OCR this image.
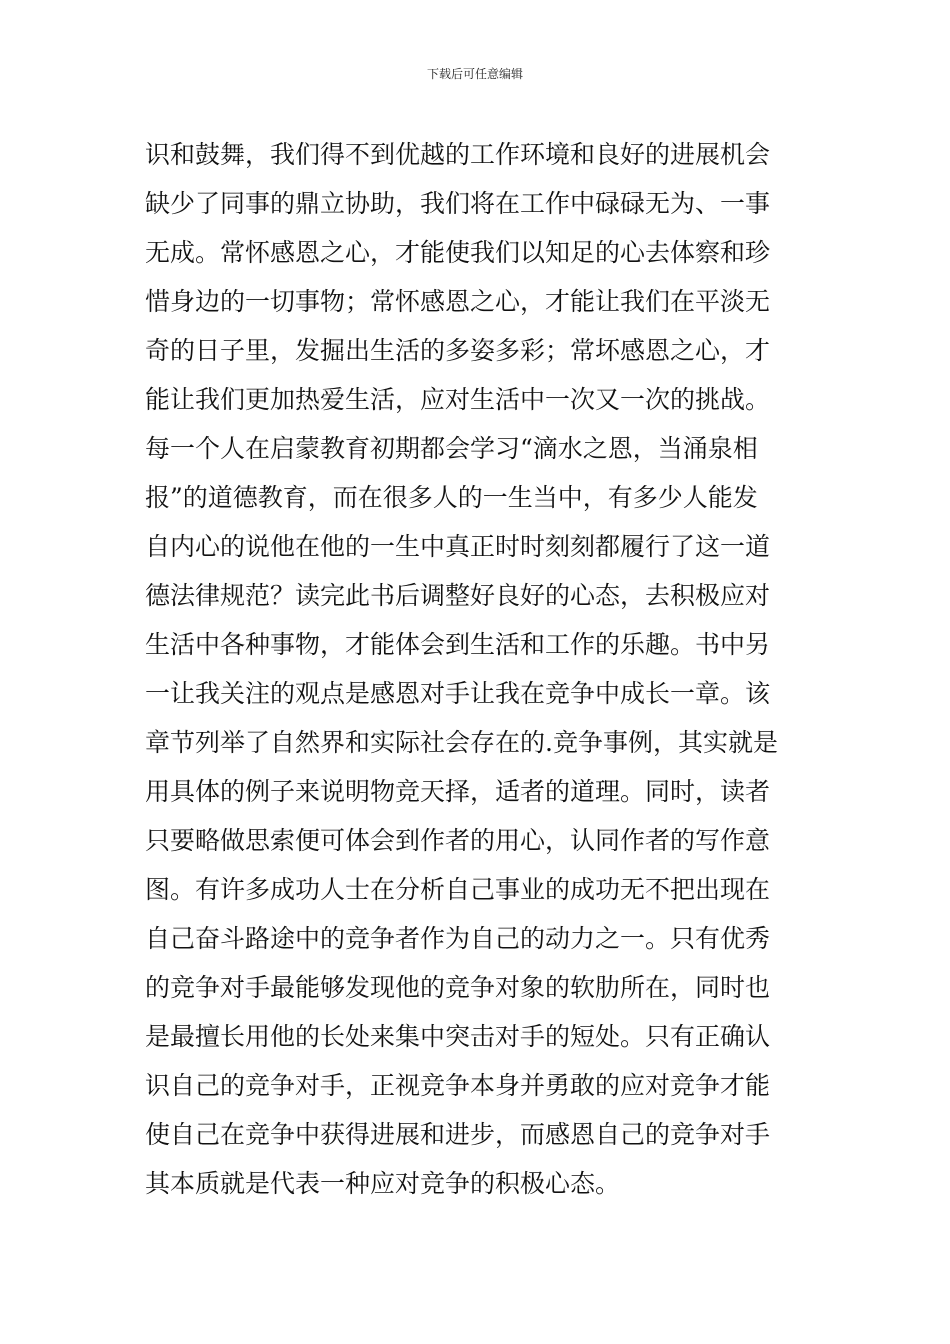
下载后可任意编辑
识和鼓舞，我们得不到优越的工作环境和良好的进展机会
缺少了同事的鼎立协助，我们将在工作中碌碌无为、一事
无成。常怀感恩之心，才能使我们以知足的心去体察和珍
惜身边的一切事物；常怀感恩之心，才能让我们在平淡无
奇的日子里，发掘出生活的多姿多彩；常坏感恩之心，才
能让我们更加热爱生活，应对生活中一次又一次的挑战。
每一个人在启蒙教育初期都会学习“滴水之恩，当涌泉相
报”的道德教育，而在很多人的一生当中，有多少人能发
自内心的说他在他的一生中真正时时刻刻都履行了这一道
德法律规范？读完此书后调整好良好的心态，去积极应对
生活中各种事物，才能体会到生活和工作的乐趣。书中另
一让我关注的观点是感恩对手让我在竞争中成长一章。该
章节列举了自然界和实际社会存在的.竞争事例，其实就是
用具体的例子来说明物竞天择，适者的道理。同时，读者
只要略做思索便可体会到作者的用心，认同作者的写作意
图。有许多成功人士在分析自己事业的成功无不把出现在
自己奋斗路途中的竞争者作为自己的动力之一。只有优秀
的竞争对手最能够发现他的竞争对象的软肋所在，同时也
是最擅长用他的长处来集中突击对手的短处。只有正确认
识自己的竞争对手，正视竞争本身并勇敢的应对竞争才能
使自己在竞争中获得进展和进步，而感恩自己的竞争对手
其本质就是代表一种应对竞争的积极心态。
